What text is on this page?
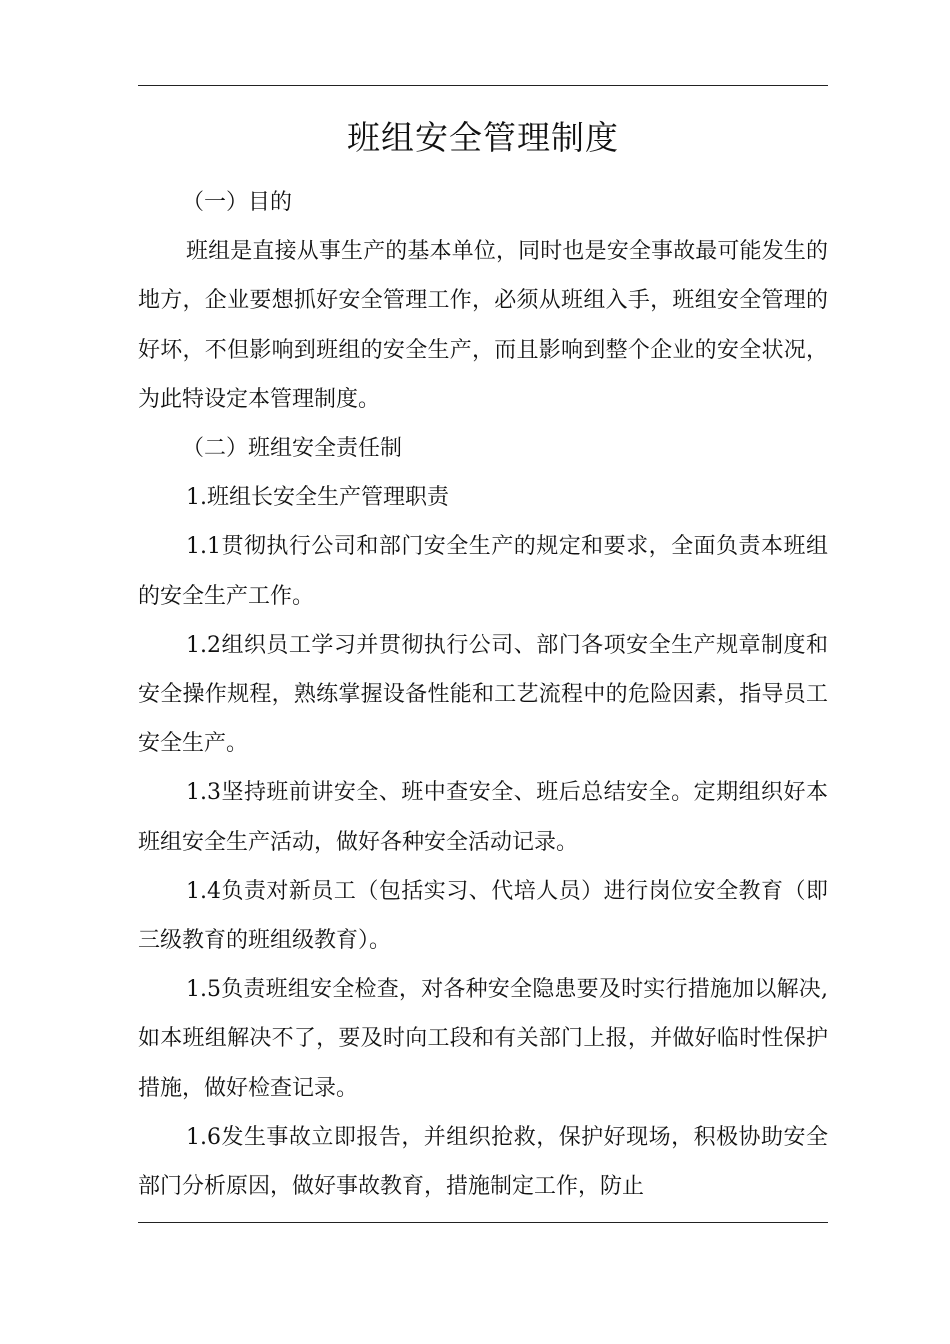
班组安全管理制度

（一）目的

班组是直接从事生产的基本单位，同时也是安全事故最可能发生的地方，企业要想抓好安全管理工作，必须从班组入手，班组安全管理的好坏，不但影响到班组的安全生产，而且影响到整个企业的安全状况，为此特设定本管理制度。

（二）班组安全责任制

1.班组长安全生产管理职责

1.1贯彻执行公司和部门安全生产的规定和要求，全面负责本班组的安全生产工作。

1.2组织员工学习并贯彻执行公司、部门各项安全生产规章制度和安全操作规程，熟练掌握设备性能和工艺流程中的危险因素，指导员工安全生产。

1.3坚持班前讲安全、班中查安全、班后总结安全。定期组织好本班组安全生产活动，做好各种安全活动记录。

1.4负责对新员工（包括实习、代培人员）进行岗位安全教育（即三级教育的班组级教育）。

1.5负责班组安全检查，对各种安全隐患要及时实行措施加以解决,如本班组解决不了，要及时向工段和有关部门上报，并做好临时性保护措施，做好检查记录。

1.6发生事故立即报告，并组织抢救，保护好现场，积极协助安全部门分析原因，做好事故教育，措施制定工作，防止
